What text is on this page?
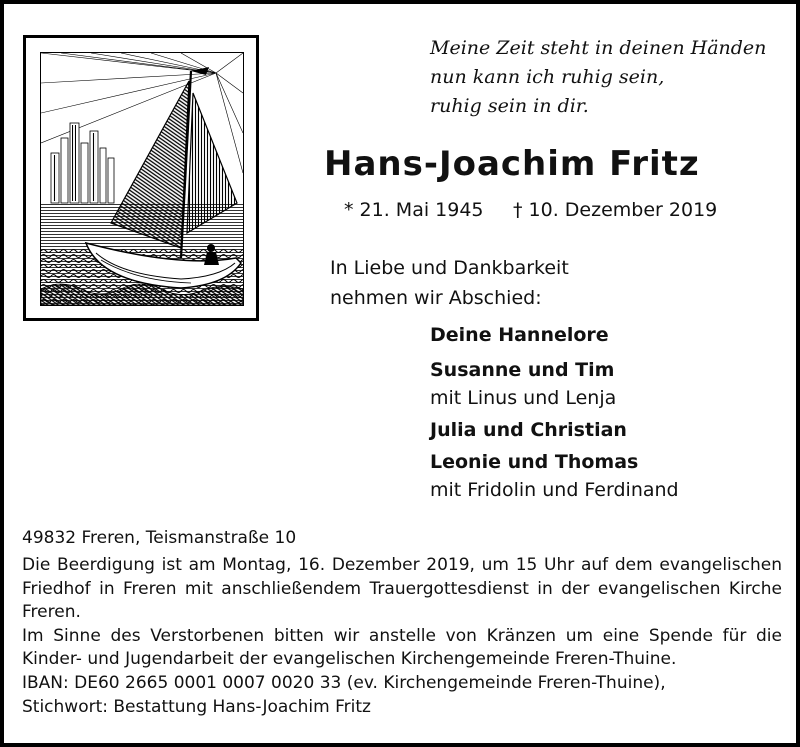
Meine Zeit steht in deinen Händen
nun kann ich ruhig sein,
ruhig sein in dir.
Hans-Joachim Fritz
* 21. Mai 1945 † 10. Dezember 2019
In Liebe und Dankbarkeit
nehmen wir Abschied:
Deine Hannelore
Susanne und Tim
mit Linus und Lenja
Julia und Christian
Leonie und Thomas
mit Fridolin und Ferdinand
49832 Freren, Teismanstraße 10

Die Beerdigung ist am Montag, 16. Dezember 2019, um 15 Uhr auf dem evangelischen Friedhof in Freren mit anschließendem Trauergottesdienst in der evangelischen Kirche Freren.

Im Sinne des Verstorbenen bitten wir anstelle von Kränzen um eine Spende für die Kinder- und Jugendarbeit der evangelischen Kirchengemeinde Freren-Thuine.

IBAN: DE60 2665 0001 0007 0020 33 (ev. Kirchengemeinde Freren-Thuine),

Stichwort: Bestattung Hans-Joachim Fritz
